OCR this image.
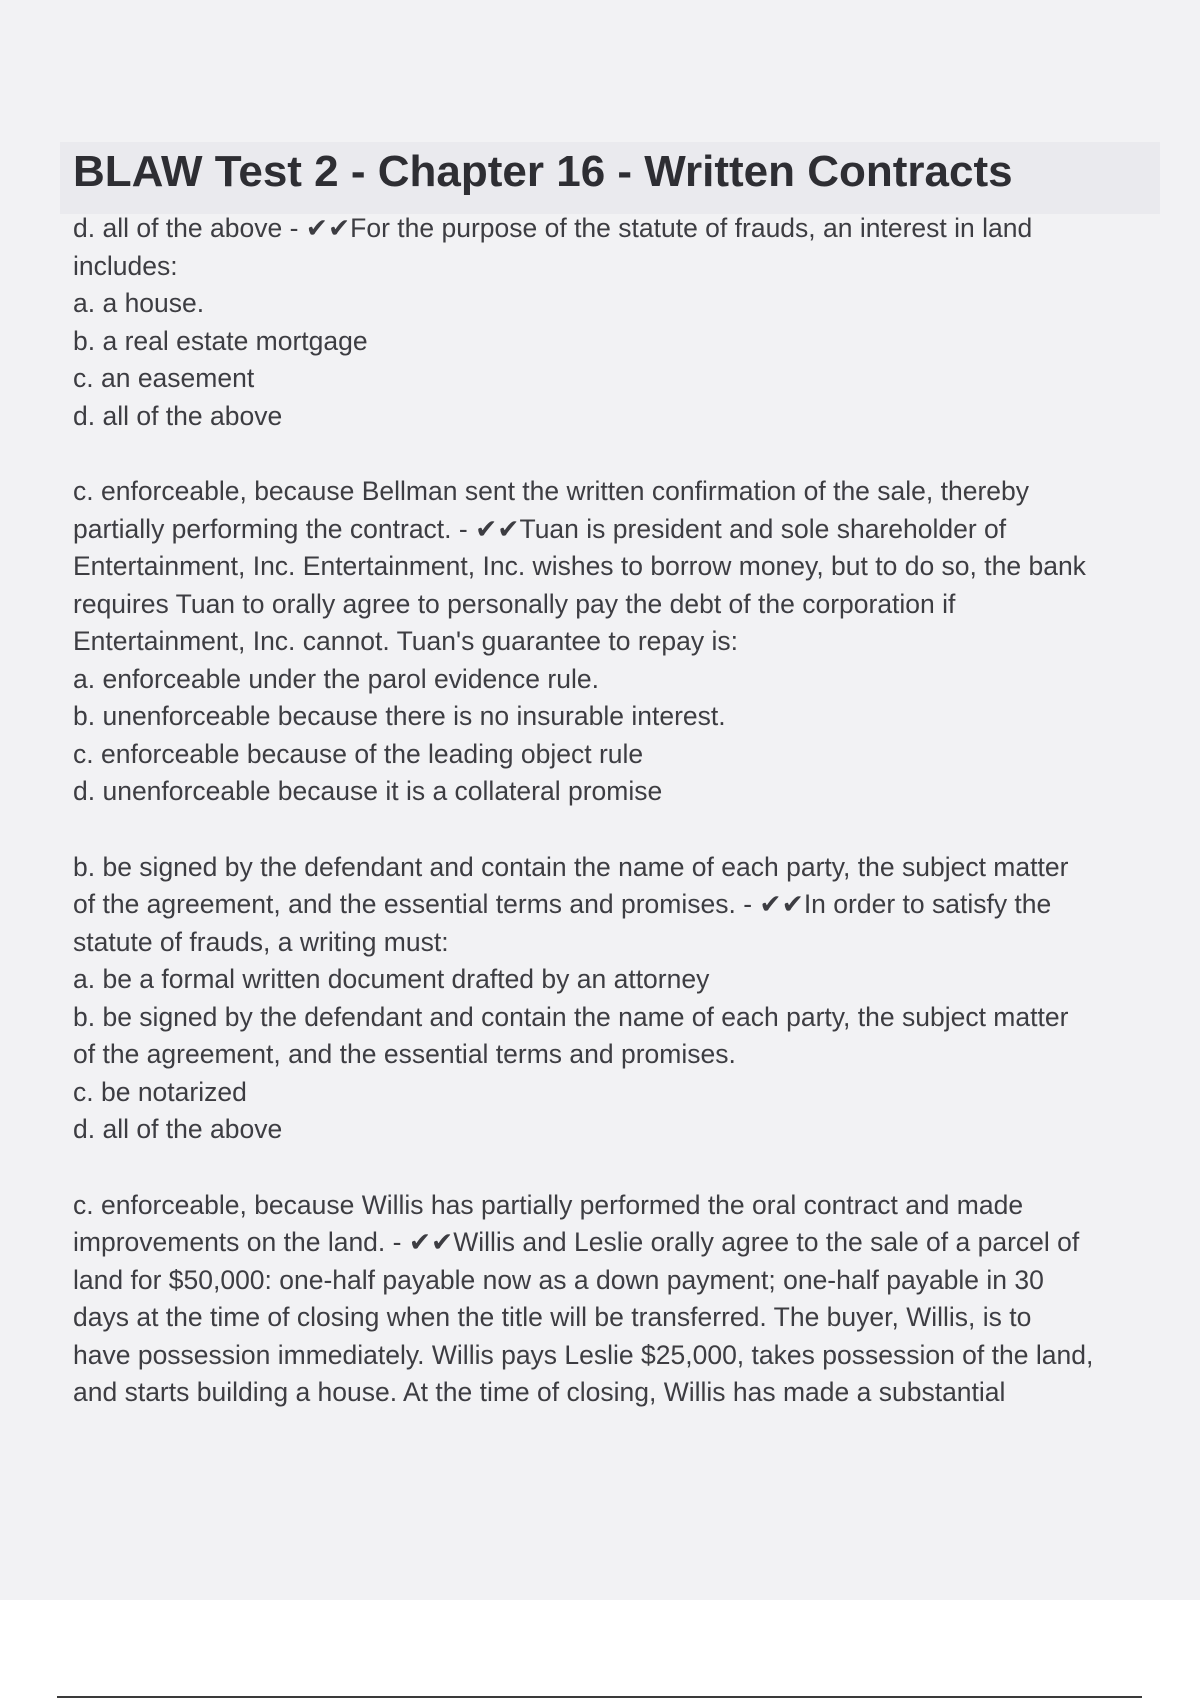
BLAW Test 2 - Chapter 16 - Written Contracts
d. all of the above - ✔✔For the purpose of the statute of frauds, an interest in land
includes:
a. a house.
b. a real estate mortgage
c. an easement
d. all of the above
c. enforceable, because Bellman sent the written confirmation of the sale, thereby
partially performing the contract. - ✔✔Tuan is president and sole shareholder of
Entertainment, Inc. Entertainment, Inc. wishes to borrow money, but to do so, the bank
requires Tuan to orally agree to personally pay the debt of the corporation if
Entertainment, Inc. cannot. Tuan's guarantee to repay is:
a. enforceable under the parol evidence rule.
b. unenforceable because there is no insurable interest.
c. enforceable because of the leading object rule
d. unenforceable because it is a collateral promise
b. be signed by the defendant and contain the name of each party, the subject matter
of the agreement, and the essential terms and promises. - ✔✔In order to satisfy the
statute of frauds, a writing must:
a. be a formal written document drafted by an attorney
b. be signed by the defendant and contain the name of each party, the subject matter
of the agreement, and the essential terms and promises.
c. be notarized
d. all of the above
c. enforceable, because Willis has partially performed the oral contract and made
improvements on the land. - ✔✔Willis and Leslie orally agree to the sale of a parcel of
land for $50,000: one-half payable now as a down payment; one-half payable in 30
days at the time of closing when the title will be transferred. The buyer, Willis, is to
have possession immediately. Willis pays Leslie $25,000, takes possession of the land,
and starts building a house. At the time of closing, Willis has made a substantial
